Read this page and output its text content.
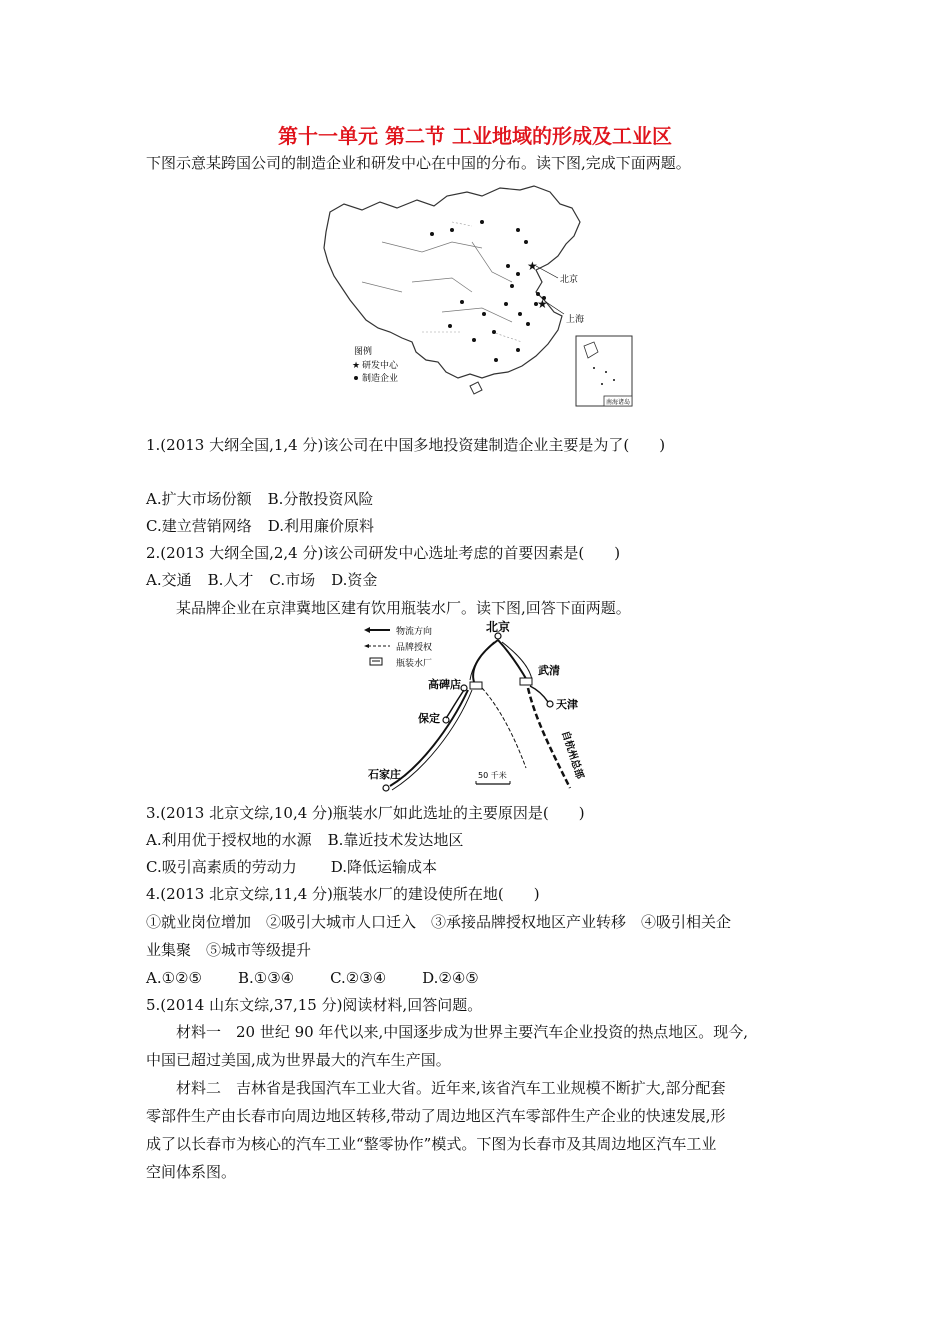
第十一单元 第二节 工业地域的形成及工业区
下图示意某跨国公司的制造企业和研发中心在中国的分布。读下图,完成下面两题。
★
★
北京
上海
图例
★ 研发中心
制造企业
南海诸岛
1.(2013 大纲全国,1,4 分)该公司在中国多地投资建制造企业主要是为了(　　)
A.扩大市场份额 B.分散投资风险
C.建立营销网络 D.利用廉价原料
2.(2013 大纲全国,2,4 分)该公司研发中心选址考虑的首要因素是(　　)
A.交通 B.人才 C.市场 D.资金
某品牌企业在京津冀地区建有饮用瓶装水厂。读下图,回答下面两题。
物流方向
品牌授权
瓶装水厂
北京
高碑店
武清
天津
保定
石家庄	自杭州总部
50 千米
3.(2013 北京文综,10,4 分)瓶装水厂如此选址的主要原因是(　　)
A.利用优于授权地的水源 B.靠近技术发达地区
C.吸引高素质的劳动力 D.降低运输成本
4.(2013 北京文综,11,4 分)瓶装水厂的建设使所在地(　　)
①就业岗位增加　②吸引大城市人口迁入　③承接品牌授权地区产业转移　④吸引相关企
业集聚　⑤城市等级提升
A.①②⑤ B.①③④ C.②③④ D.②④⑤
5.(2014 山东文综,37,15 分)阅读材料,回答问题。
材料一　20 世纪 90 年代以来,中国逐步成为世界主要汽车企业投资的热点地区。现今,
中国已超过美国,成为世界最大的汽车生产国。
材料二　吉林省是我国汽车工业大省。近年来,该省汽车工业规模不断扩大,部分配套
零部件生产由长春市向周边地区转移,带动了周边地区汽车零部件生产企业的快速发展,形
成了以长春市为核心的汽车工业“整零协作”模式。下图为长春市及其周边地区汽车工业
空间体系图。
